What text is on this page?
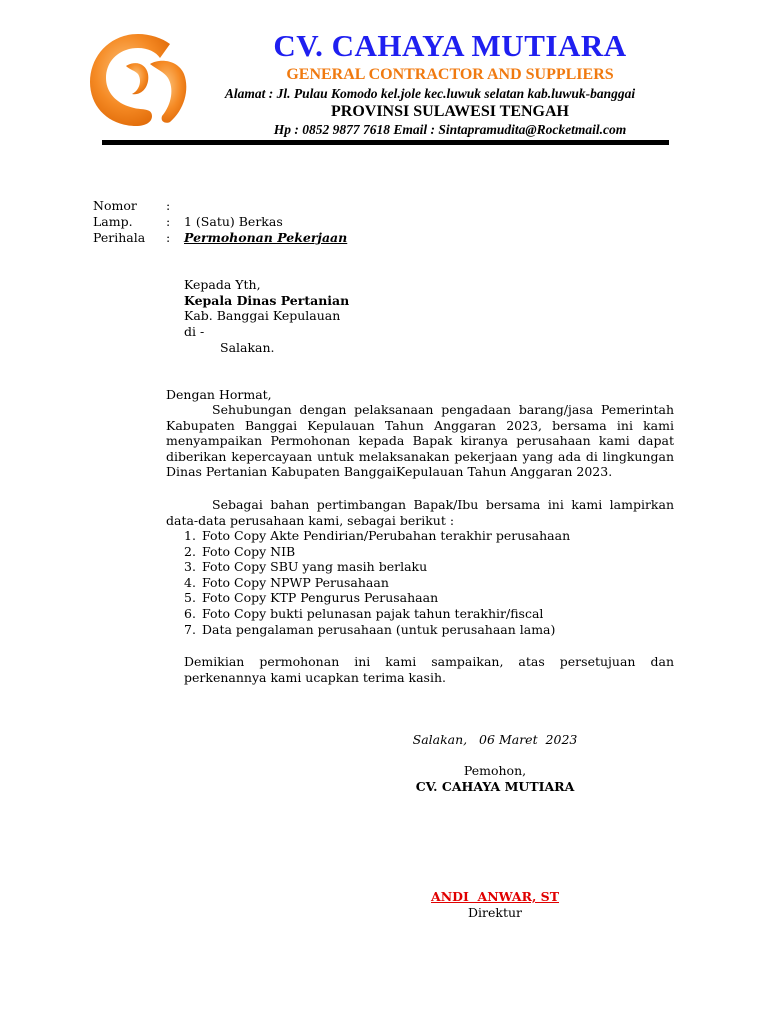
CV. CAHAYA MUTIARA
GENERAL CONTRACTOR AND SUPPLIERS
Alamat : Jl. Pulau Komodo kel.jole kec.luwuk selatan kab.luwuk-banggai
PROVINSI SULAWESI TENGAH
Hp : 0852 9877 7618 Email : Sintapramudita@Rocketmail.com
Nomor :
Lamp.	: 1 (Satu) Berkas
Perihala : Permohonan Pekerjaan
Kepada Yth,
Kepala Dinas Pertanian
Kab. Banggai Kepulauan
di -
Salakan.
Dengan Hormat,

Sehubungan dengan pelaksanaan pengadaan barang/jasa Pemerintah Kabupaten Banggai Kepulauan Tahun Anggaran 2023, bersama ini kami menyampaikan Permohonan kepada Bapak kiranya perusahaan kami dapat diberikan kepercayaan untuk melaksanakan pekerjaan yang ada di lingkungan Dinas Pertanian Kabupaten BanggaiKepulauan Tahun Anggaran 2023.

Sebagai bahan pertimbangan Bapak/Ibu bersama ini kami lampirkan data-data perusahaan kami, sebagai berikut :

1. Foto Copy Akte Pendirian/Perubahan terakhir perusahaan
2. Foto Copy NIB
3. Foto Copy SBU yang masih berlaku
4. Foto Copy NPWP Perusahaan
5. Foto Copy KTP Pengurus Perusahaan
6. Foto Copy bukti pelunasan pajak tahun terakhir/fiscal
7. Data pengalaman perusahaan (untuk perusahaan lama)

Demikian permohonan ini kami sampaikan, atas persetujuan dan perkenannya kami ucapkan terima kasih.

Salakan,   06 Maret  2023
Pemohon,
CV. CAHAYA MUTIARA
ANDI  ANWAR, ST
Direktur
